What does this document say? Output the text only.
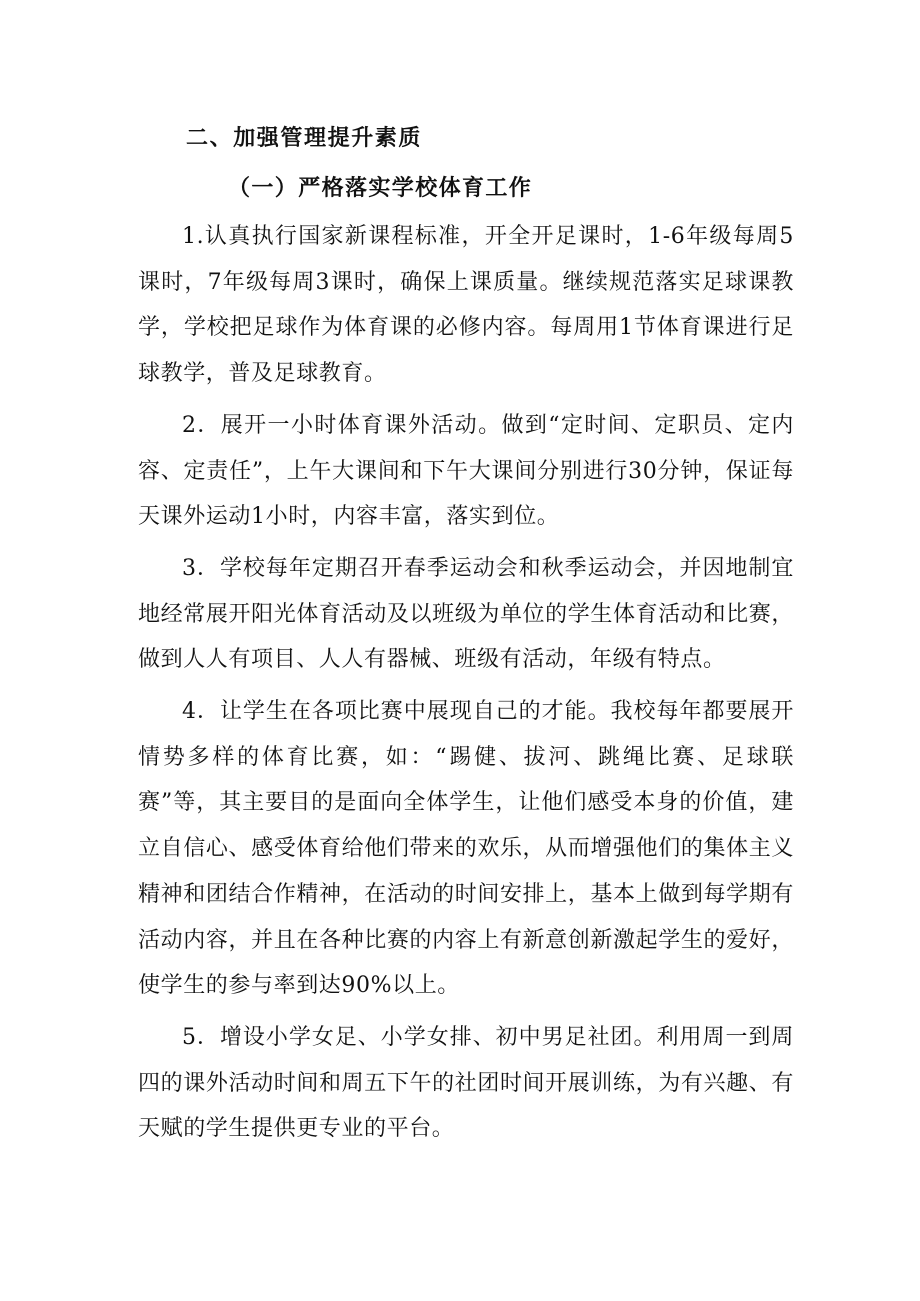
二、加强管理提升素质
（一）严格落实学校体育工作

1.认真执行国家新课程标准，开全开足课时，1-6年级每周5课时，7年级每周3课时，确保上课质量。继续规范落实足球课教学，学校把足球作为体育课的必修内容。每周用1节体育课进行足球教学，普及足球教育。

2．展开一小时体育课外活动。做到“定时间、定职员、定内容、定责任”，上午大课间和下午大课间分别进行30分钟，保证每天课外运动1小时，内容丰富，落实到位。

3．学校每年定期召开春季运动会和秋季运动会，并因地制宜地经常展开阳光体育活动及以班级为单位的学生体育活动和比赛，做到人人有项目、人人有器械、班级有活动，年级有特点。

4．让学生在各项比赛中展现自己的才能。我校每年都要展开情势多样的体育比赛，如：“踢健、拔河、跳绳比赛、足球联赛”等，其主要目的是面向全体学生，让他们感受本身的价值，建立自信心、感受体育给他们带来的欢乐，从而增强他们的集体主义精神和团结合作精神，在活动的时间安排上，基本上做到每学期有活动内容，并且在各种比赛的内容上有新意创新激起学生的爱好，使学生的参与率到达90%以上。

5．增设小学女足、小学女排、初中男足社团。利用周一到周四的课外活动时间和周五下午的社团时间开展训练，为有兴趣、有天赋的学生提供更专业的平台。
